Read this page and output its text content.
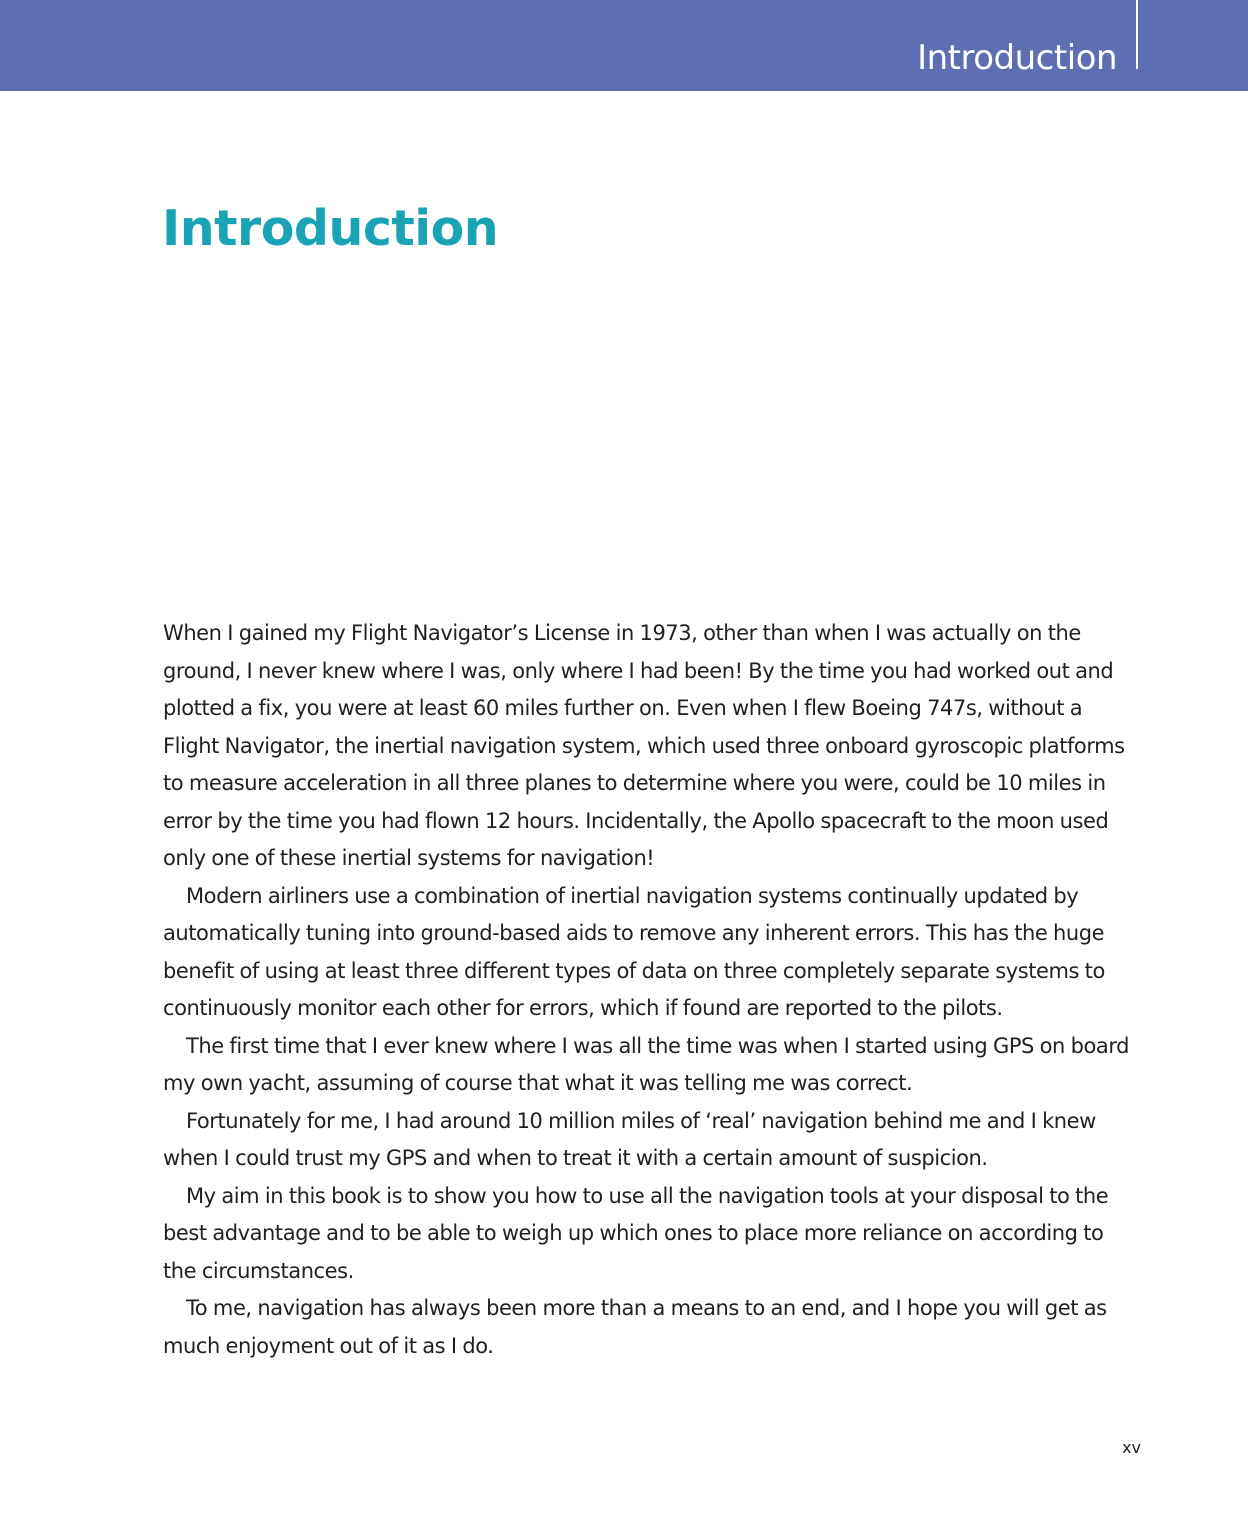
Introduction
Introduction

When I gained my Flight Navigator’s License in 1973, other than when I was actually on the ground, I never knew where I was, only where I had been! By the time you had worked out and plotted a fix, you were at least 60 miles further on. Even when I flew Boeing 747s, without a Flight Navigator, the inertial navigation system, which used three onboard gyroscopic platforms to measure acceleration in all three planes to determine where you were, could be 10 miles in error by the time you had flown 12 hours. Incidentally, the Apollo spacecraft to the moon used only one of these inertial systems for navigation!

Modern airliners use a combination of inertial navigation systems continually updated by automatically tuning into ground-based aids to remove any inherent errors. This has the huge benefit of using at least three different types of data on three completely separate systems to continuously monitor each other for errors, which if found are reported to the pilots.

The first time that I ever knew where I was all the time was when I started using GPS on board my own yacht, assuming of course that what it was telling me was correct.

Fortunately for me, I had around 10 million miles of ‘real’ navigation behind me and I knew when I could trust my GPS and when to treat it with a certain amount of suspicion.

My aim in this book is to show you how to use all the navigation tools at your disposal to the best advantage and to be able to weigh up which ones to place more reliance on according to the circumstances.

To me, navigation has always been more than a means to an end, and I hope you will get as much enjoyment out of it as I do.

xv
